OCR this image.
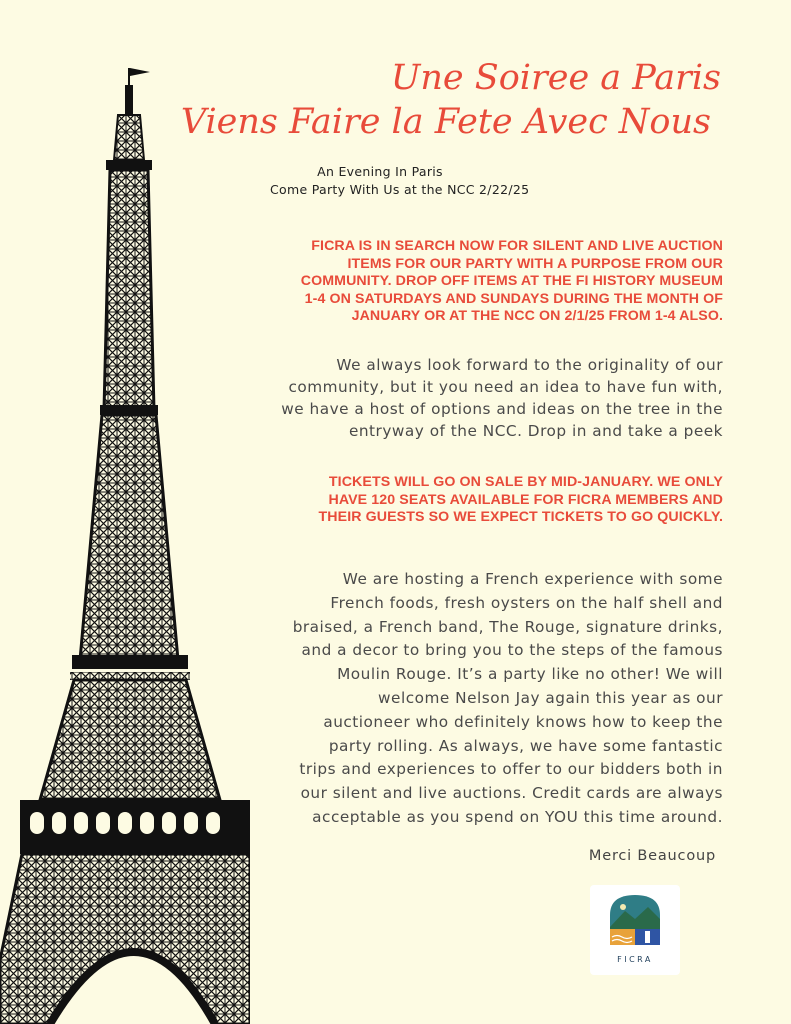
Une Soiree a Paris
Viens Faire la Fete Avec Nous
An Evening In Paris
Come Party With Us at the NCC 2/22/25
FICRA IS IN SEARCH NOW FOR SILENT AND LIVE AUCTION
ITEMS FOR OUR PARTY WITH A PURPOSE FROM OUR
COMMUNITY. DROP OFF ITEMS AT THE FI HISTORY MUSEUM
1-4 ON SATURDAYS AND SUNDAYS DURING THE MONTH OF
JANUARY OR AT THE NCC ON 2/1/25 FROM 1-4 ALSO.
We always look forward to the originality of our
community, but it you need an idea to have fun with,
we have a host of options and ideas on the tree in the
entryway of the NCC. Drop in and take a peek
TICKETS WILL GO ON SALE BY MID-JANUARY. WE ONLY
HAVE 120 SEATS AVAILABLE FOR FICRA MEMBERS AND
THEIR GUESTS SO WE EXPECT TICKETS TO GO QUICKLY.
We are hosting a French experience with some
French foods, fresh oysters on the half shell and
braised, a French band, The Rouge, signature drinks,
and a decor to bring you to the steps of the famous
Moulin Rouge. It’s a party like no other! We will
welcome Nelson Jay again this year as our
auctioneer who definitely knows how to keep the
party rolling. As always, we have some fantastic
trips and experiences to offer to our bidders both in
our silent and live auctions. Credit cards are always
acceptable as you spend on YOU this time around.
Merci Beaucoup
FICRA
